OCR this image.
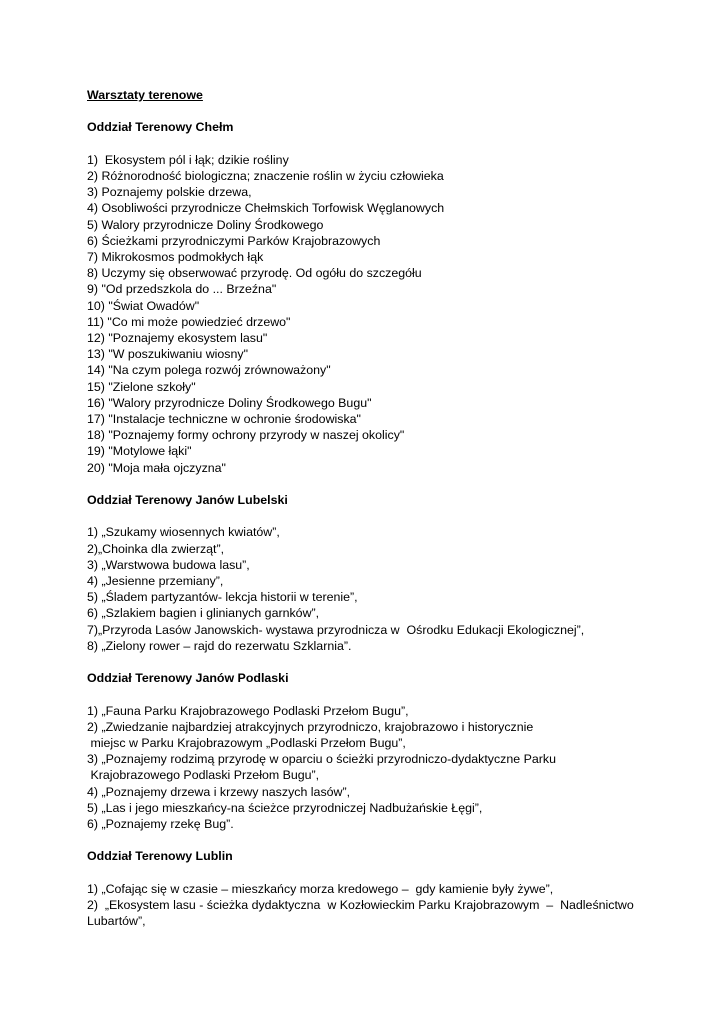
Warsztaty terenowe

Oddział Terenowy Chełm

1)  Ekosystem pól i łąk; dzikie rośliny

2) Różnorodność biologiczna; znaczenie roślin w życiu człowieka

3) Poznajemy polskie drzewa,

4) Osobliwości przyrodnicze Chełmskich Torfowisk Węglanowych

5) Walory przyrodnicze Doliny Środkowego

6) Ścieżkami przyrodniczymi Parków Krajobrazowych

7) Mikrokosmos podmokłych łąk

8) Uczymy się obserwować przyrodę. Od ogółu do szczegółu

9) "Od przedszkola do ... Brzeźna"

10) "Świat Owadów"

11) "Co mi może powiedzieć drzewo"

12) "Poznajemy ekosystem lasu"

13) "W poszukiwaniu wiosny"

14) "Na czym polega rozwój zrównoważony"

15) "Zielone szkoły"

16) "Walory przyrodnicze Doliny Środkowego Bugu"

17) "Instalacje techniczne w ochronie środowiska"

18) "Poznajemy formy ochrony przyrody w naszej okolicy"

19) "Motylowe łąki"

20) "Moja mała ojczyzna"

Oddział Terenowy Janów Lubelski

1) „Szukamy wiosennych kwiatów”,

2)„Choinka dla zwierząt”,

3) „Warstwowa budowa lasu”,

4) „Jesienne przemiany”,

5) „Śladem partyzantów- lekcja historii w terenie”,

6) „Szlakiem bagien i glinianych garnków”,

7)„Przyroda Lasów Janowskich- wystawa przyrodnicza w  Ośrodku Edukacji Ekologicznej”,

8) „Zielony rower – rajd do rezerwatu Szklarnia”.

Oddział Terenowy Janów Podlaski

1) „Fauna Parku Krajobrazowego Podlaski Przełom Bugu”,

2) „Zwiedzanie najbardziej atrakcyjnych przyrodniczo, krajobrazowo i historycznie

miejsc w Parku Krajobrazowym „Podlaski Przełom Bugu”,

3) „Poznajemy rodzimą przyrodę w oparciu o ścieżki przyrodniczo-dydaktyczne Parku

Krajobrazowego Podlaski Przełom Bugu”,

4) „Poznajemy drzewa i krzewy naszych lasów”,

5) „Las i jego mieszkańcy-na ścieżce przyrodniczej Nadbużańskie Łęgi”,

6) „Poznajemy rzekę Bug”.

Oddział Terenowy Lublin

1) „Cofając się w czasie – mieszkańcy morza kredowego –  gdy kamienie były żywe”,

2)  „Ekosystem lasu - ścieżka dydaktyczna  w Kozłowieckim Parku Krajobrazowym  –  Nadleśnictwo

Lubartów”,
